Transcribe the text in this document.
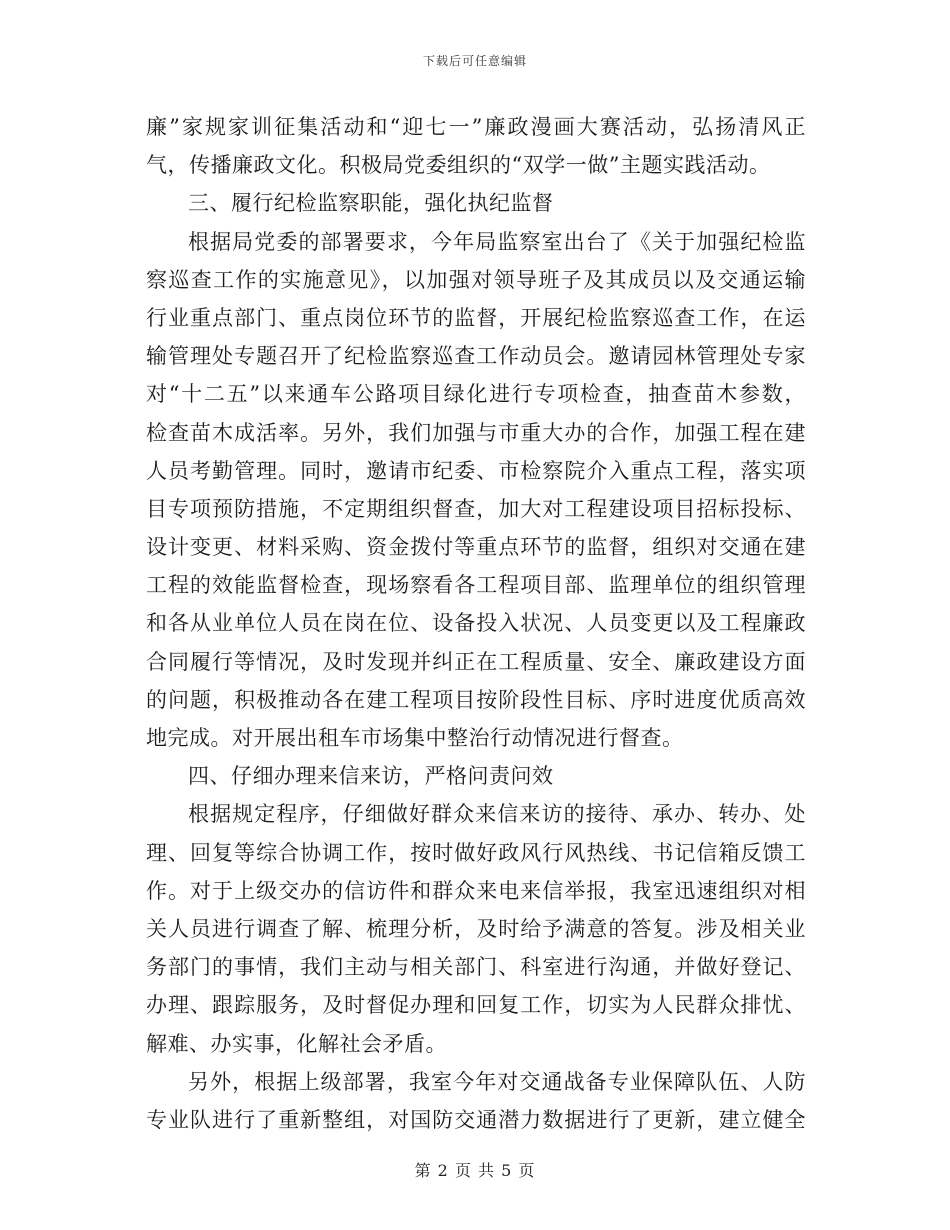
下载后可任意编辑
廉”家规家训征集活动和“迎七一”廉政漫画大赛活动，弘扬清风正
气，传播廉政文化。积极局党委组织的“双学一做”主题实践活动。
三、履行纪检监察职能，强化执纪监督
根据局党委的部署要求，今年局监察室出台了《关于加强纪检监
察巡查工作的实施意见》，以加强对领导班子及其成员以及交通运输
行业重点部门、重点岗位环节的监督，开展纪检监察巡查工作，在运
输管理处专题召开了纪检监察巡查工作动员会。邀请园林管理处专家
对“十二五”以来通车公路项目绿化进行专项检查，抽查苗木参数，
检查苗木成活率。另外，我们加强与市重大办的合作，加强工程在建
人员考勤管理。同时，邀请市纪委、市检察院介入重点工程，落实项
目专项预防措施，不定期组织督查，加大对工程建设项目招标投标、
设计变更、材料采购、资金拨付等重点环节的监督，组织对交通在建
工程的效能监督检查，现场察看各工程项目部、监理单位的组织管理
和各从业单位人员在岗在位、设备投入状况、人员变更以及工程廉政
合同履行等情况，及时发现并纠正在工程质量、安全、廉政建设方面
的问题，积极推动各在建工程项目按阶段性目标、序时进度优质高效
地完成。对开展出租车市场集中整治行动情况进行督查。
四、仔细办理来信来访，严格问责问效
根据规定程序，仔细做好群众来信来访的接待、承办、转办、处
理、回复等综合协调工作，按时做好政风行风热线、书记信箱反馈工
作。对于上级交办的信访件和群众来电来信举报，我室迅速组织对相
关人员进行调查了解、梳理分析，及时给予满意的答复。涉及相关业
务部门的事情，我们主动与相关部门、科室进行沟通，并做好登记、
办理、跟踪服务，及时督促办理和回复工作，切实为人民群众排忧、
解难、办实事，化解社会矛盾。
另外，根据上级部署，我室今年对交通战备专业保障队伍、人防
专业队进行了重新整组，对国防交通潜力数据进行了更新，建立健全
第 2 页 共 5 页
